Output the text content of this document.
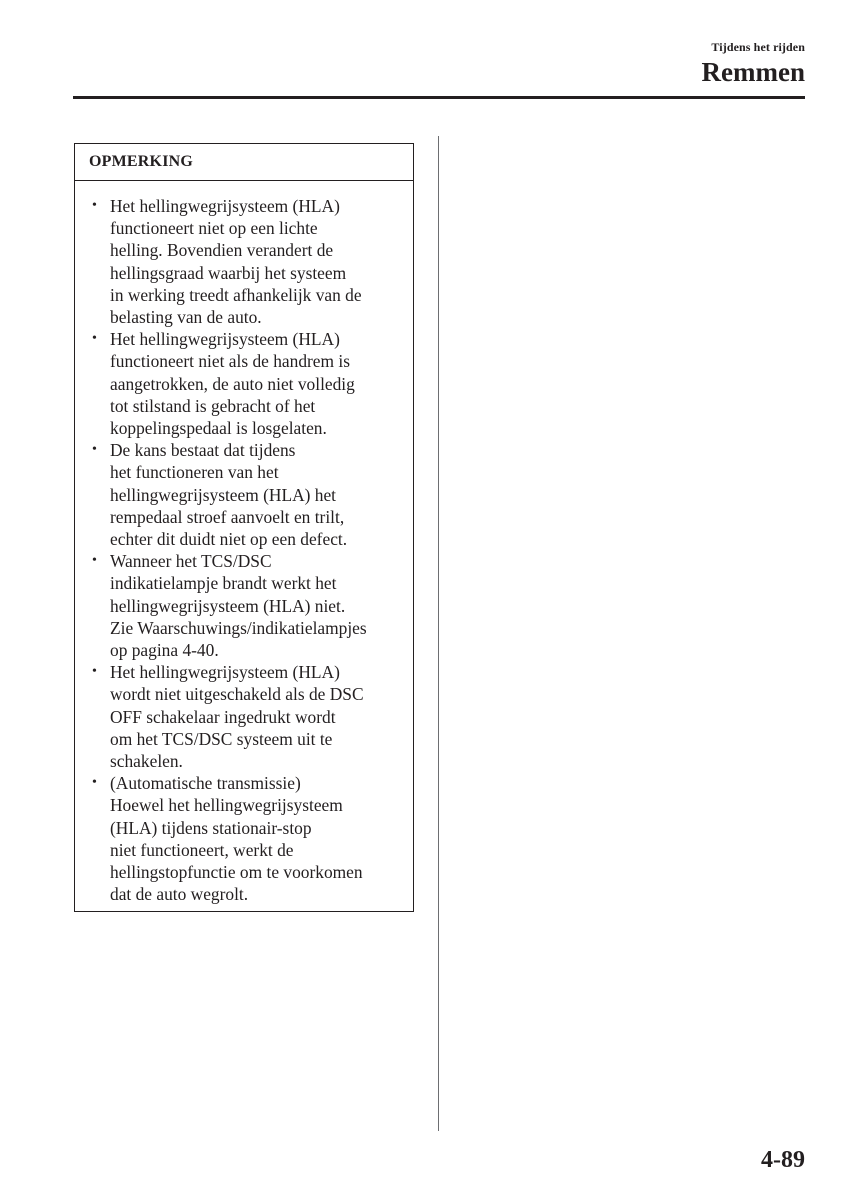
Tijdens het rijden
Remmen
OPMERKING
• Het hellingwegrijsysteem (HLA)
functioneert niet op een lichte
helling. Bovendien verandert de
hellingsgraad waarbij het systeem
in werking treedt afhankelijk van de
belasting van de auto.
• Het hellingwegrijsysteem (HLA)
functioneert niet als de handrem is
aangetrokken, de auto niet volledig
tot stilstand is gebracht of het
koppelingspedaal is losgelaten.
• De kans bestaat dat tijdens
het functioneren van het
hellingwegrijsysteem (HLA) het
rempedaal stroef aanvoelt en trilt,
echter dit duidt niet op een defect.
• Wanneer het TCS/DSC
indikatielampje brandt werkt het
hellingwegrijsysteem (HLA) niet.
Zie Waarschuwings/indikatielampjes
op pagina 4-40.
• Het hellingwegrijsysteem (HLA)
wordt niet uitgeschakeld als de DSC
OFF schakelaar ingedrukt wordt
om het TCS/DSC systeem uit te
schakelen.
• (Automatische transmissie)
Hoewel het hellingwegrijsysteem
(HLA) tijdens stationair-stop
niet functioneert, werkt de
hellingstopfunctie om te voorkomen
dat de auto wegrolt.
4-89
